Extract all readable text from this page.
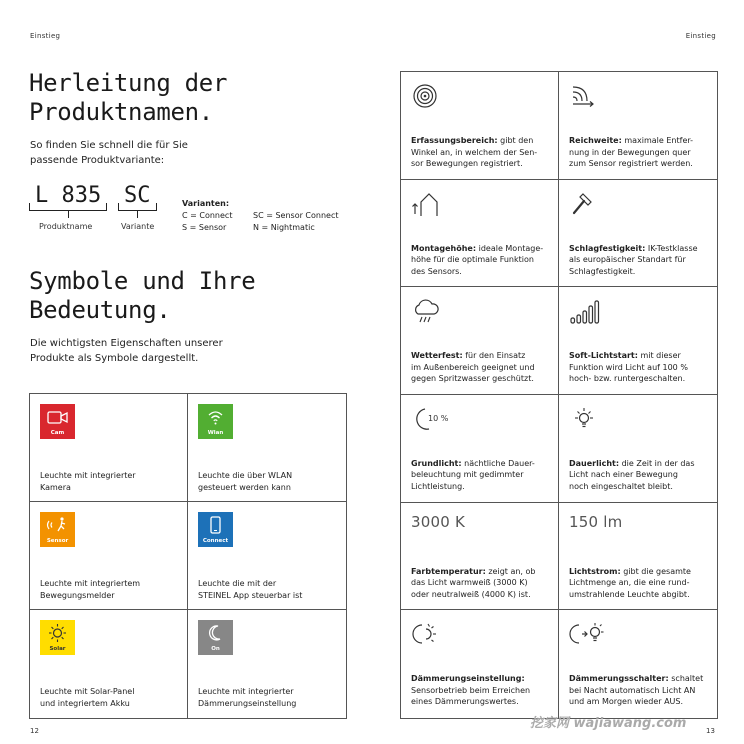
Einstieg	Einstieg
Herleitung der
Produktnamen.
So finden Sie schnell die für Sie
passende Produktvariante:
L 835 SC
Produktname	Variante
Varianten:
C = Connect	SC = Sensor Connect
S = Sensor	N = Nightmatic
Symbole und Ihre
Bedeutung.
Die wichtigsten Eigenschaften unserer
Produkte als Symbole dargestellt.
Cam
Leuchte mit integrierter
Kamera
Wlan
Leuchte die über WLAN
gesteuert werden kann
Sensor
Leuchte mit integriertem
Bewegungsmelder
Connect
Leuchte die mit der
STEINEL App steuerbar ist
Solar
Leuchte mit Solar-Panel
und integriertem Akku
On
Leuchte mit integrierter
Dämmerungseinstellung
Erfassungsbereich: gibt den
Winkel an, in welchem der Sen-
sor Bewegungen registriert.
Reichweite: maximale Entfer-
nung in der Bewegungen quer
zum Sensor registriert werden.
Montagehöhe: ideale Montage-
höhe für die optimale Funktion
des Sensors.
Schlagfestigkeit: IK-Testklasse
als europäischer Standart für
Schlagfestigkeit.
Wetterfest: für den Einsatz
im Außenbereich geeignet und
gegen Spritzwasser geschützt.
Soft-Lichtstart: mit dieser
Funktion wird Licht auf 100 %
hoch- bzw. runtergeschalten.
10 %
Grundlicht: nächtliche Dauer-
beleuchtung mit gedimmter
Lichtleistung.
Dauerlicht: die Zeit in der das
Licht nach einer Bewegung
noch eingeschaltet bleibt.
3000 K
Farbtemperatur: zeigt an, ob
das Licht warmweiß (3000 K)
oder neutralweiß (4000 K) ist.
150 lm
Lichtstrom: gibt die gesamte
Lichtmenge an, die eine rund-
umstrahlende Leuchte abgibt.
Dämmerungseinstellung:
Sensorbetrieb beim Erreichen
eines Dämmerungswertes.
Dämmerungsschalter: schaltet
bei Nacht automatisch Licht AN
und am Morgen wieder AUS.
12	13
挖家网 wajiawang.com
